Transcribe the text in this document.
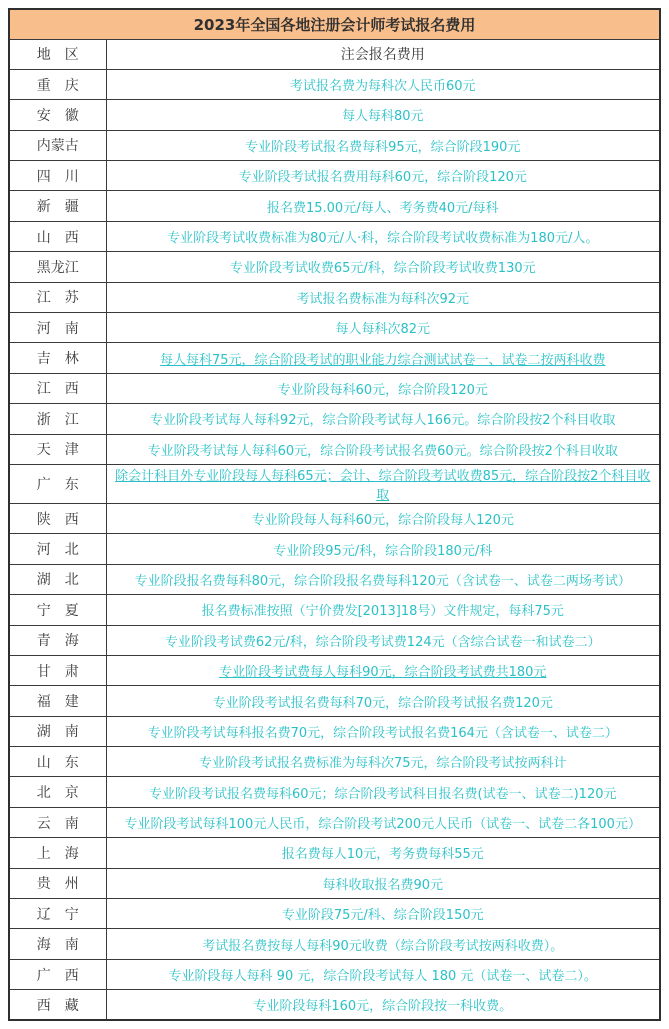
2023年全国各地注册会计师考试报名费用	
地　区	注会报名费用
重　庆	考试报名费为每科次人民币60元
安　徽	每人每科80元
内蒙古	专业阶段考试报名费每科95元，综合阶段190元
四　川	专业阶段考试报名费用每科60元，综合阶段120元
新　疆	报名费15.00元/每人、考务费40元/每科
山　西	专业阶段考试收费标准为80元/人·科，综合阶段考试收费标准为180元/人。
黑龙江	专业阶段考试收费65元/科，综合阶段考试收费130元
江　苏	考试报名费标准为每科次92元
河　南	每人每科次82元
吉　林	每人每科75元，综合阶段考试的职业能力综合测试试卷一、试卷二按两科收费
江　西	专业阶段每科60元，综合阶段120元
浙　江	专业阶段考试每人每科92元，综合阶段考试每人166元。综合阶段按2个科目收取
天　津	专业阶段考试每人每科60元，综合阶段考试报名费60元。综合阶段按2个科目收取
广　东	除会计科目外专业阶段每人每科65元；会计、综合阶段考试收费85元，综合阶段按2个科目收取
陕　西	专业阶段每人每科60元，综合阶段每人120元
河　北	专业阶段95元/科，综合阶段180元/科
湖　北	专业阶段报名费每科80元，综合阶段报名费每科120元（含试卷一、试卷二两场考试）
宁　夏	报名费标准按照（宁价费发[2013]18号）文件规定，每科75元
青　海	专业阶段考试费62元/科，综合阶段考试费124元（含综合试卷一和试卷二）
甘　肃	专业阶段考试费每人每科90元，综合阶段考试费共180元
福　建	专业阶段考试报名费每科70元，综合阶段考试报名费120元
湖　南	专业阶段考试每科报名费70元，综合阶段考试报名费164元（含试卷一、试卷二）
山　东	专业阶段考试报名费标准为每科次75元，综合阶段考试按两科计
北　京	专业阶段考试报名费每科60元；综合阶段考试科目报名费(试卷一、试卷二)120元
云　南	专业阶段考试每科100元人民币，综合阶段考试200元人民币（试卷一、试卷二各100元）
上　海	报名费每人10元，考务费每科55元
贵　州	每科收取报名费90元
辽　宁	专业阶段75元/科、综合阶段150元
海　南	考试报名费按每人每科90元收费（综合阶段考试按两科收费）。
广　西	专业阶段每人每科 90 元，综合阶段考试每人 180 元（试卷一、试卷二）。
西　藏	专业阶段每科160元，综合阶段按一科收费。
